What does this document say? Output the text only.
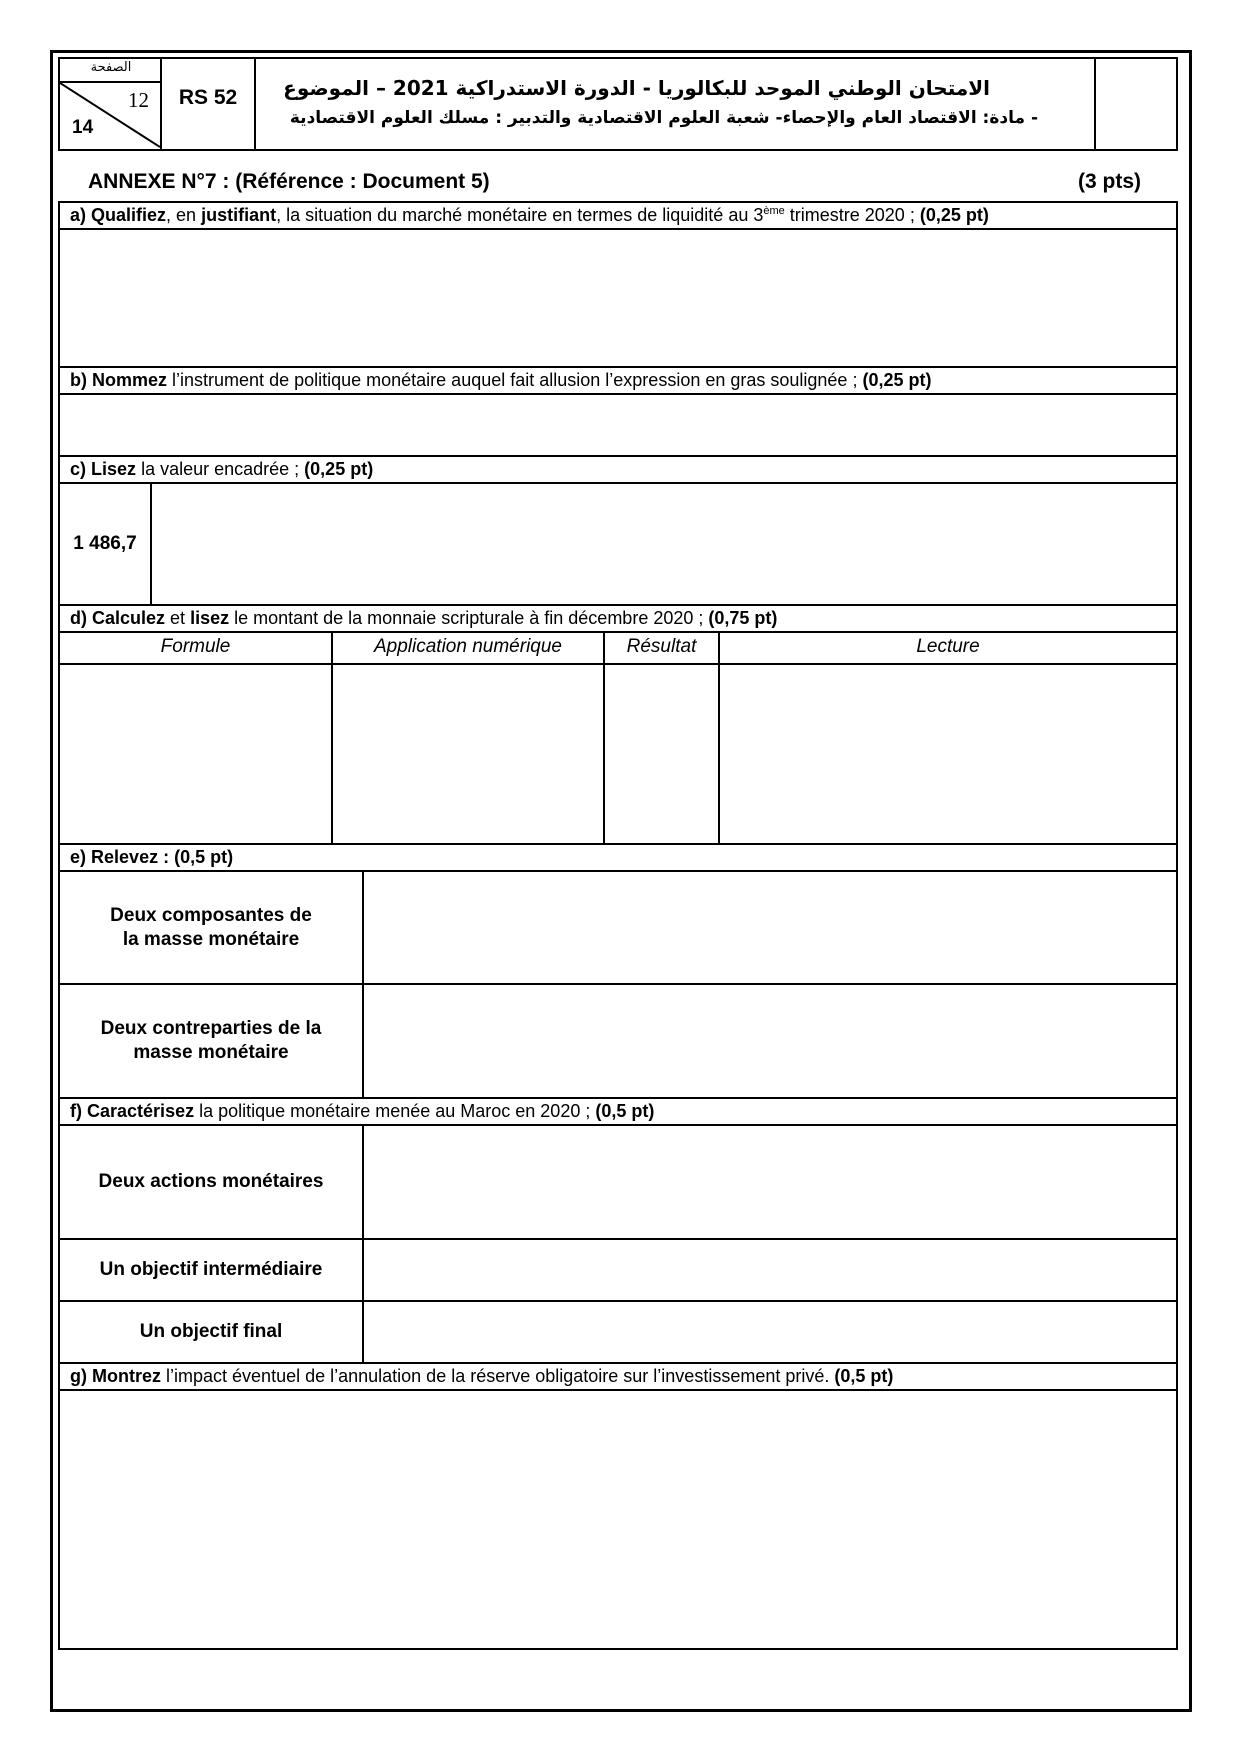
الصفحة
12
14
RS 52	الامتحان الوطني الموحد للبكالوريا - الدورة الاستدراكية 2021 – الموضوع
- مادة: الاقتصاد العام والإحصاء- شعبة العلوم الاقتصادية والتدبير : مسلك العلوم الاقتصادية
ANNEXE N°7 : (Référence : Document 5)	(3 pts)
a) Qualifiez, en justifiant, la situation du marché monétaire en termes de liquidité au 3ème trimestre 2020 ; (0,25 pt)
b) Nommez l’instrument de politique monétaire auquel fait allusion l’expression en gras soulignée ; (0,25 pt)
c) Lisez la valeur encadrée ; (0,25 pt)
1 486,7
d) Calculez et lisez le montant de la monnaie scripturale à fin décembre 2020 ; (0,75 pt)
Formule	Application numérique	Résultat	Lecture
e) Relevez : (0,5 pt)
Deux composantes de la masse monétaire
Deux contreparties de la masse monétaire
f) Caractérisez la politique monétaire menée au Maroc en 2020 ; (0,5 pt)
Deux actions monétaires
Un objectif intermédiaire
Un objectif final
g) Montrez l’impact éventuel de l’annulation de la réserve obligatoire sur l’investissement privé. (0,5 pt)
